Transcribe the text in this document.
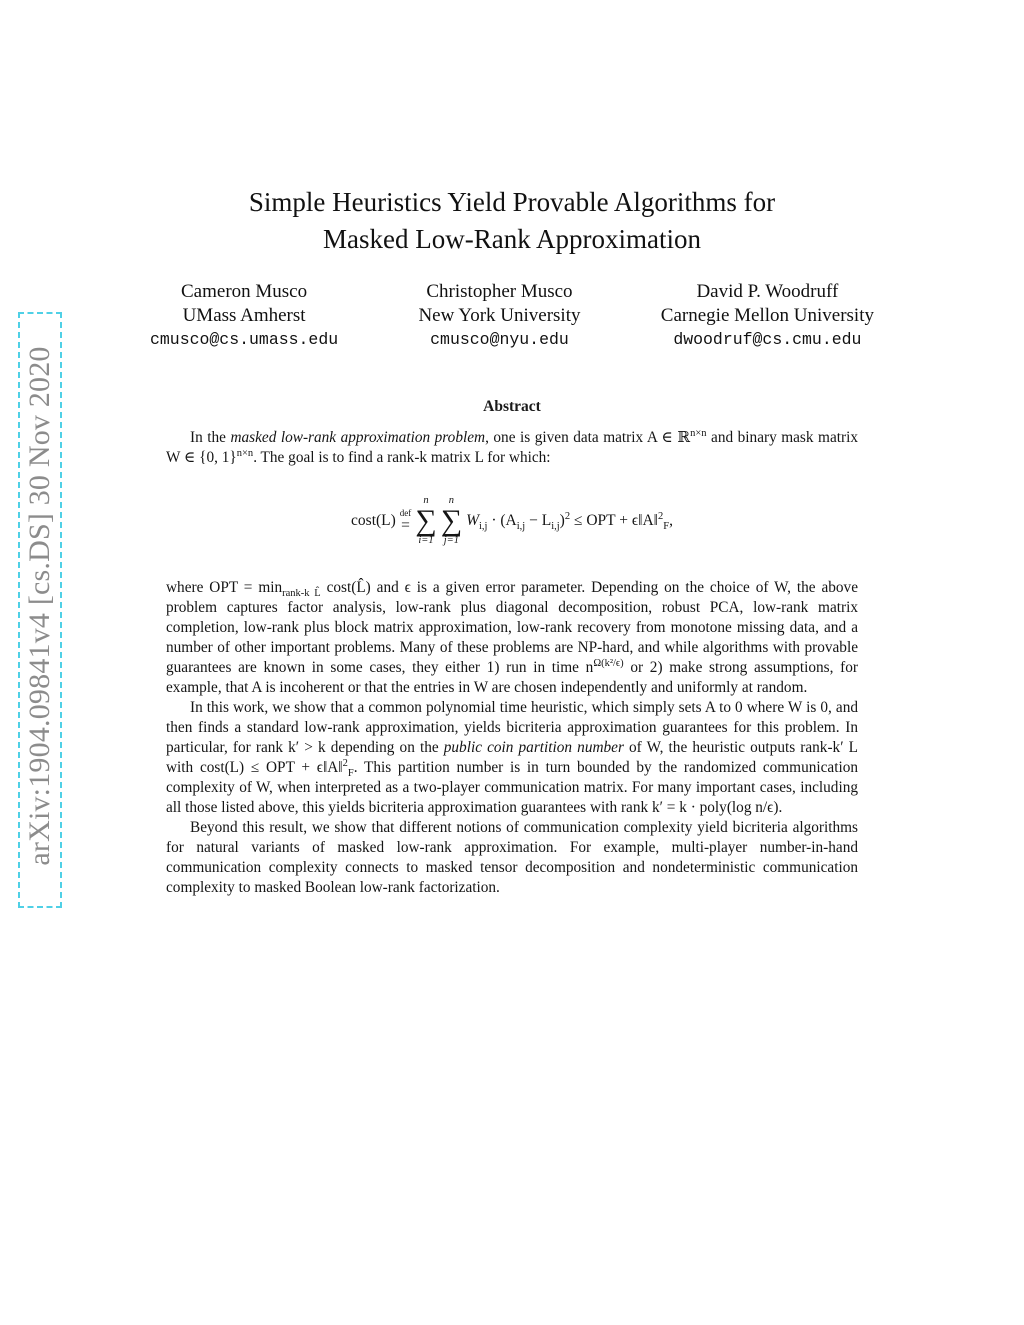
arXiv:1904.09841v4 [cs.DS] 30 Nov 2020
Simple Heuristics Yield Provable Algorithms for
Masked Low-Rank Approximation
Cameron Musco
UMass Amherst
cmusco@cs.umass.edu
Christopher Musco
New York University
cmusco@nyu.edu
David P. Woodruff
Carnegie Mellon University
dwoodruf@cs.cmu.edu
Abstract

In the masked low-rank approximation problem, one is given data matrix A ∈ ℝ$^{n\times n}$ and binary mask matrix W ∈ {0, 1}$^{n\times n}$. The goal is to find a rank-k matrix L for which:

cost(L) def
=
n
∑
i=1
n
∑
j=1
$W_{i,j} \cdot (A_{i,j} - L_{i,j})^2$ ≤ OPT + ϵ‖A‖$^2_F$,

where OPT = $\min_{rank-k L̂}$ cost(L̂) and ϵ is a given error parameter. Depending on the choice of W, the above problem captures factor analysis, low-rank plus diagonal decomposition, robust PCA, low-rank matrix completion, low-rank plus block matrix approximation, low-rank recovery from monotone missing data, and a number of other important problems. Many of these problems are NP-hard, and while algorithms with provable guarantees are known in some cases, they either 1) run in time $n^{\Omega(k^2/\epsilon)}$ or 2) make strong assumptions, for example, that A is incoherent or that the entries in W are chosen independently and uniformly at random.

In this work, we show that a common polynomial time heuristic, which simply sets A to 0 where W is 0, and then finds a standard low-rank approximation, yields bicriteria approximation guarantees for this problem. In particular, for rank k′ > k depending on the public coin partition number of W, the heuristic outputs rank-k′ L with cost(L) ≤ OPT + ϵ‖A‖$^2_F$. This partition number is in turn bounded by the randomized communication complexity of W, when interpreted as a two-player communication matrix. For many important cases, including all those listed above, this yields bicriteria approximation guarantees with rank k′ = k · poly(log n/ϵ).

Beyond this result, we show that different notions of communication complexity yield bicriteria algorithms for natural variants of masked low-rank approximation. For example, multi-player number-in-hand communication complexity connects to masked tensor decomposition and nondeterministic communication complexity to masked Boolean low-rank factorization.
